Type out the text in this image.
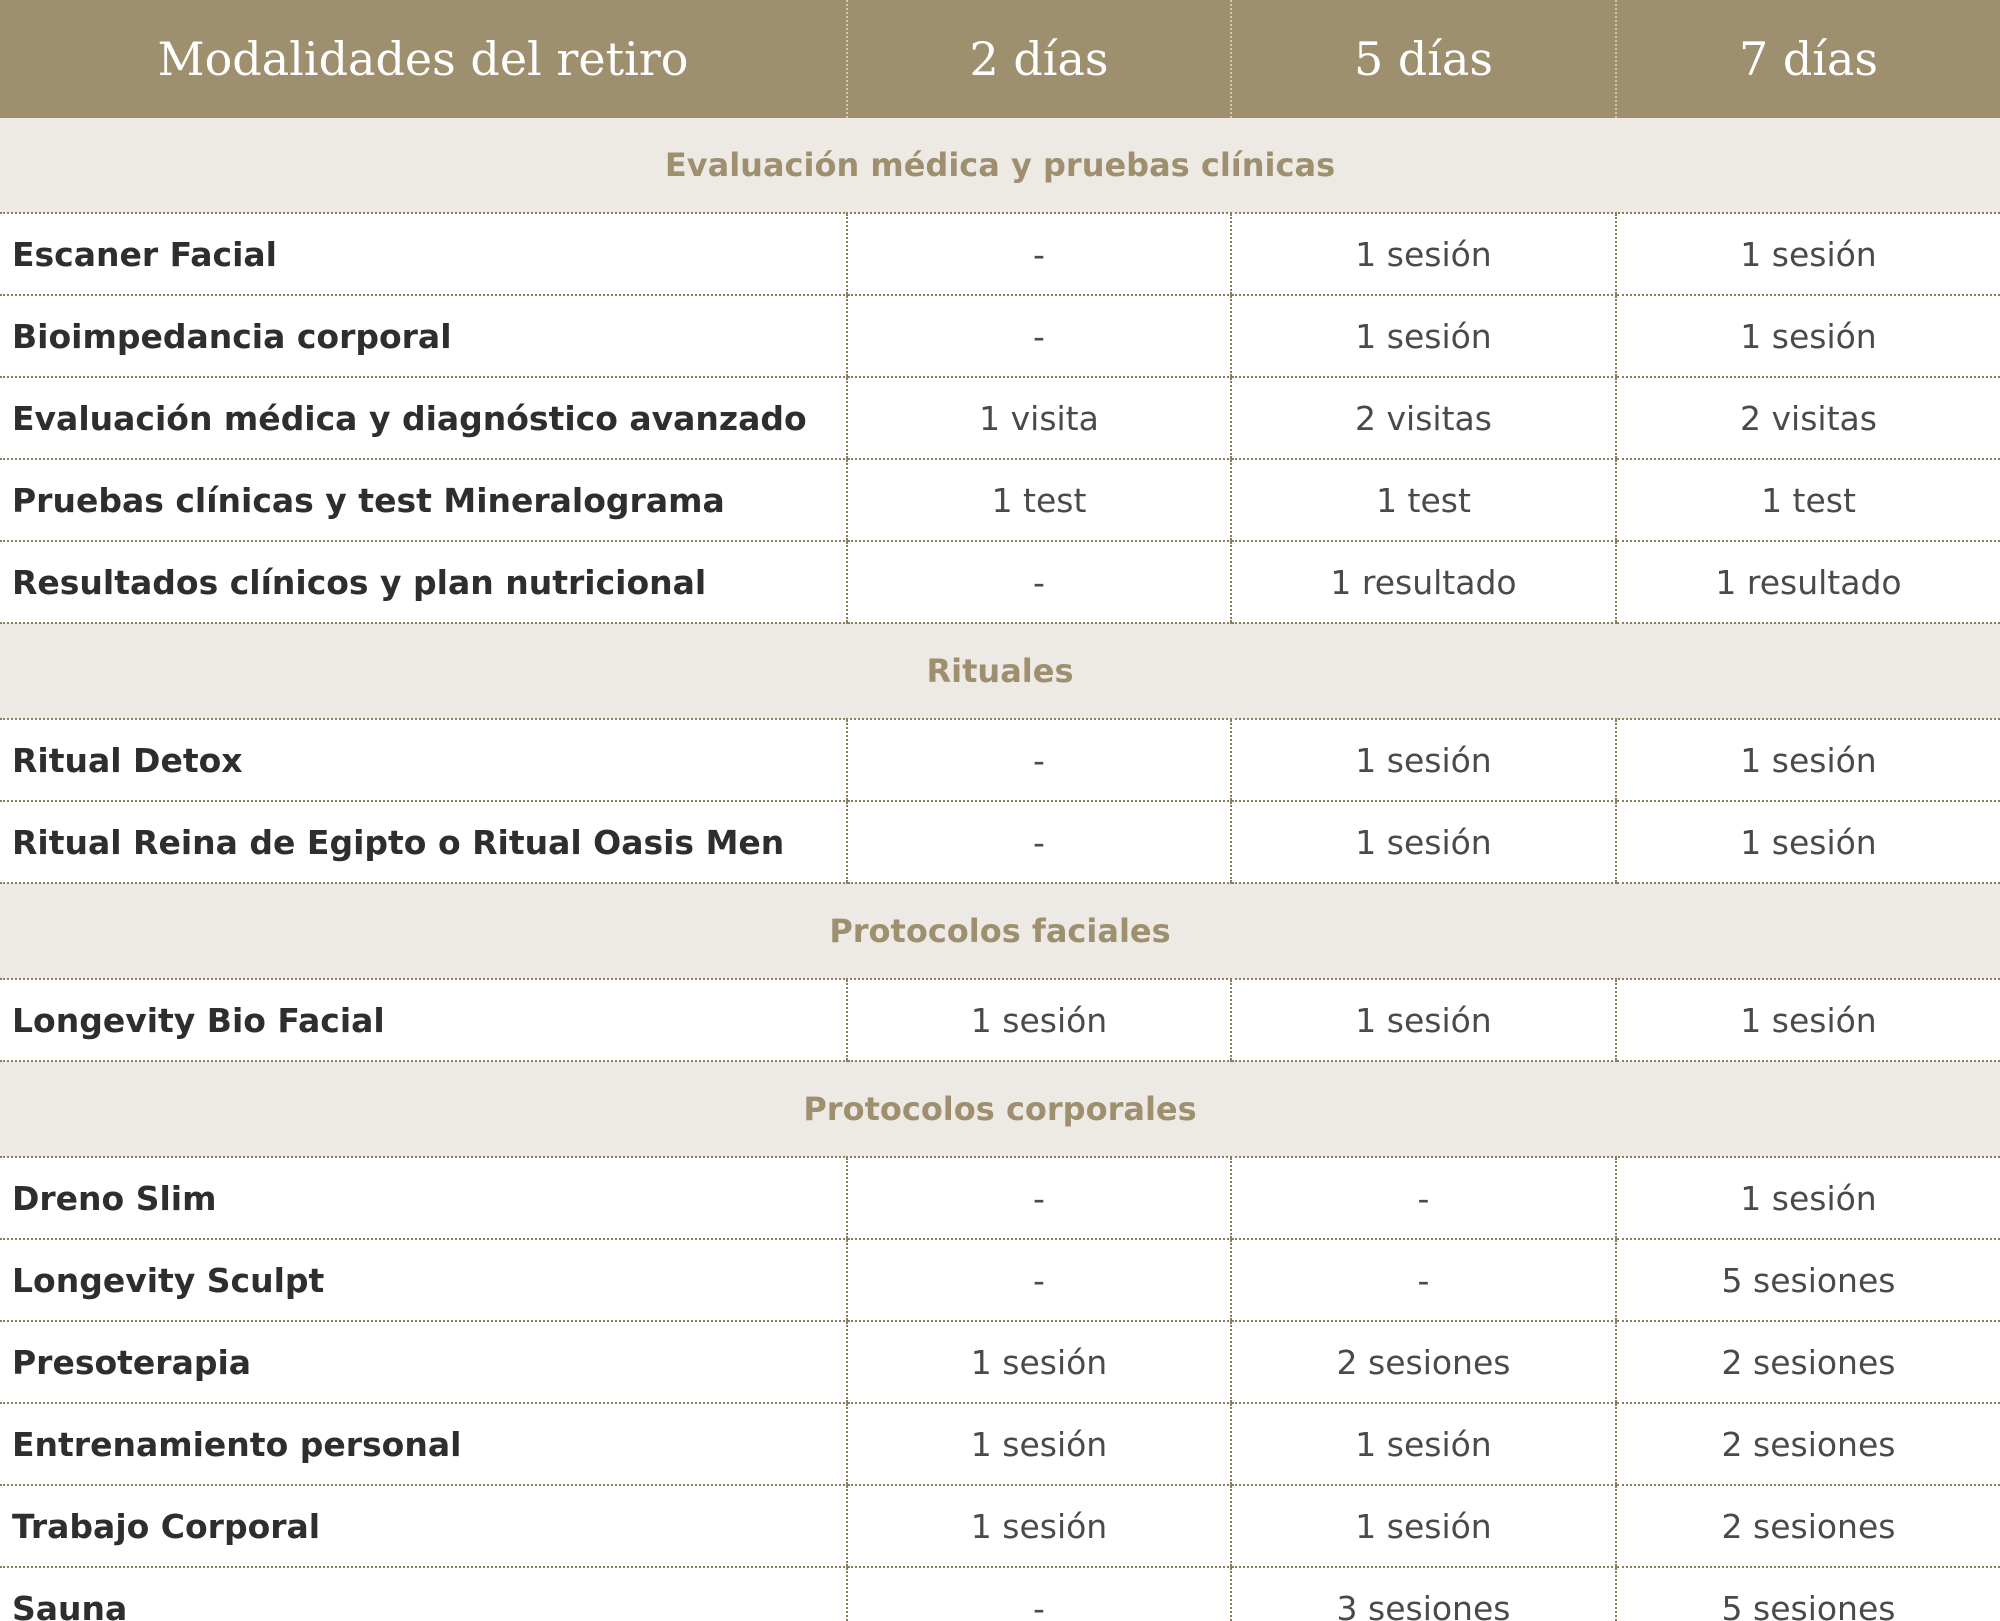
Modalidades del retiro	2 días	5 días	7 días
Evaluación médica y pruebas clínicas			
Escaner Facial	-	1 sesión	1 sesión
Bioimpedancia corporal	-	1 sesión	1 sesión
Evaluación médica y diagnóstico avanzado	1 visita	2 visitas	2 visitas
Pruebas clínicas y test Mineralograma	1 test	1 test	1 test
Resultados clínicos y plan nutricional	-	1 resultado	1 resultado
Rituales			
Ritual Detox	-	1 sesión	1 sesión
Ritual Reina de Egipto o Ritual Oasis Men	-	1 sesión	1 sesión
Protocolos faciales			
Longevity Bio Facial	1 sesión	1 sesión	1 sesión
Protocolos corporales			
Dreno Slim	-	-	1 sesión
Longevity Sculpt	-	-	5 sesiones
Presoterapia	1 sesión	2 sesiones	2 sesiones
Entrenamiento personal	1 sesión	1 sesión	2 sesiones
Trabajo Corporal	1 sesión	1 sesión	2 sesiones
Sauna	-	3 sesiones	5 sesiones
